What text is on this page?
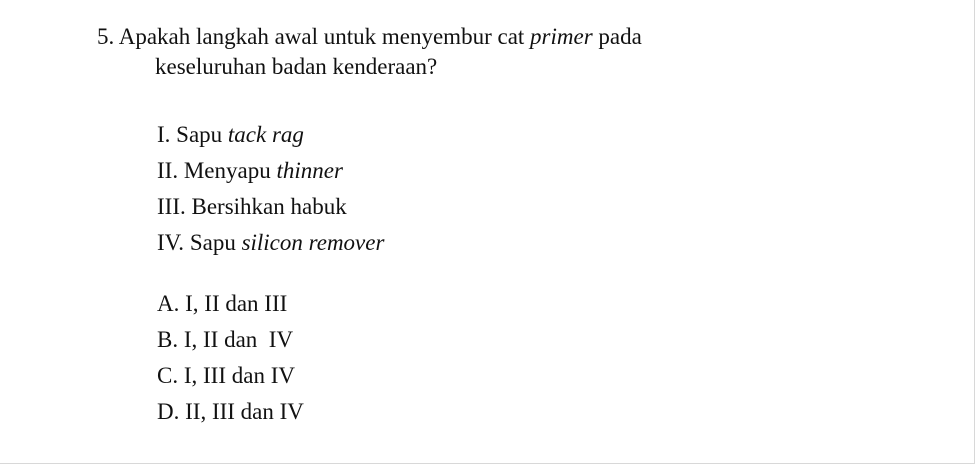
5. Apakah langkah awal untuk menyembur cat primer pada
keseluruhan badan kenderaan?
I. Sapu tack rag
II. Menyapu thinner
III. Bersihkan habuk
IV. Sapu silicon remover
A. I, II dan III
B. I, II dan  IV
C. I, III dan IV
D. II, III dan IV
